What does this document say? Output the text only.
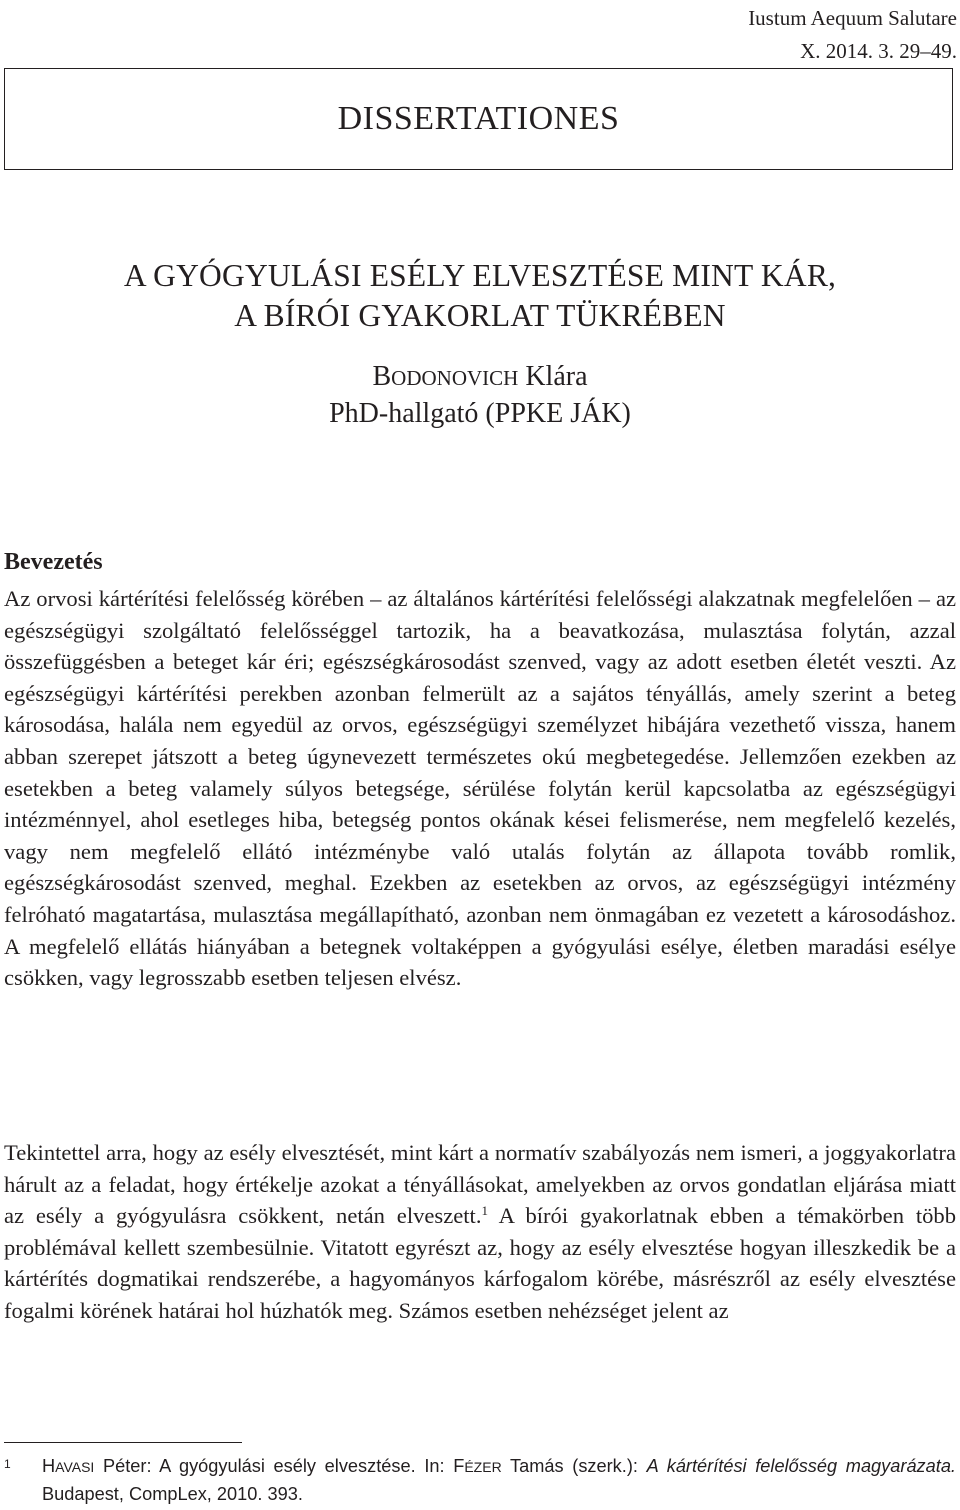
Iustum Aequum Salutare
X. 2014. 3. 29–49.
DISSERTATIONES
A GYÓGYULÁSI ESÉLY ELVESZTÉSE MINT KÁR,
A BÍRÓI GYAKORLAT TÜKRÉBEN
BODONOVICH Klára
PhD-hallgató (PPKE JÁK)
Bevezetés

Az orvosi kártérítési felelősség körében – az általános kártérítési felelősségi alakzatnak megfelelően – az egészségügyi szolgáltató felelősséggel tartozik, ha a beavatkozása, mulasztása folytán, azzal összefüggésben a beteget kár éri; egészségkárosodást szenved, vagy az adott esetben életét veszti. Az egészségügyi kártérítési perekben azonban felmerült az a sajátos tényállás, amely szerint a beteg károsodása, halála nem egyedül az orvos, egészségügyi személyzet hibájára vezethető vissza, hanem abban szerepet játszott a beteg úgynevezett természetes okú megbetegedése. Jellemzően ezekben az esetekben a beteg valamely súlyos betegsége, sérülése folytán kerül kapcsolatba az egészségügyi intézménnyel, ahol esetleges hiba, betegség pontos okának kései felismerése, nem megfelelő kezelés, vagy nem megfelelő ellátó intézménybe való utalás folytán az állapota tovább romlik, egészségkárosodást szenved, meghal. Ezekben az esetekben az orvos, az egészségügyi intézmény felróható magatartása, mulasztása megállapítható, azonban nem önmagában ez vezetett a károsodáshoz. A megfelelő ellátás hiányában a betegnek voltaképpen a gyógyulási esélye, életben maradási esélye csökken, vagy legrosszabb esetben teljesen elvész.

Tekintettel arra, hogy az esély elvesztését, mint kárt a normatív szabályozás nem ismeri, a joggyakorlatra hárult az a feladat, hogy értékelje azokat a tényállásokat, amelyekben az orvos gondatlan eljárása miatt az esély a gyógyulásra csökkent, netán elveszett.$^1$ A bírói gyakorlatnak ebben a témakörben több problémával kellett szembesülnie. Vitatott egyrészt az, hogy az esély elvesztése hogyan illeszkedik be a kártérítés dogmatikai rendszerébe, a hagyományos kárfogalom körébe, másrészről az esély elvesztése fogalmi körének határai hol húzhatók meg. Számos esetben nehézséget jelent az

1 HAVASI Péter: A gyógyulási esély elvesztése. In: FÉZER Tamás (szerk.): A kártérítési felelősség magyarázata. Budapest, CompLex, 2010. 393.
